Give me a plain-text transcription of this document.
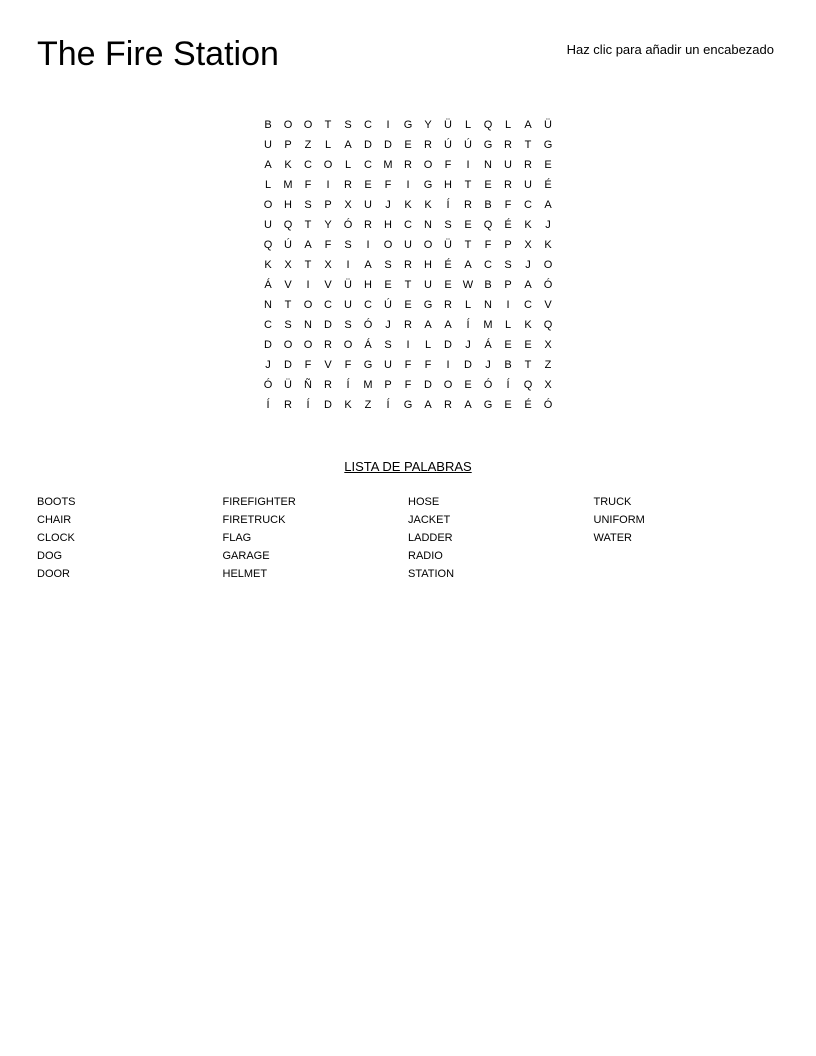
The Fire Station	Haz clic para añadir un encabezado
B	O	O	T	S	C	I	G	Y	Ü	L	Q	L	A	Ü
U	P	Z	L	A	D	D	E	R	Ú	Ú	G	R	T	G
A	K	C	O	L	C	M	R	O	F	I	N	U	R	E
L	M	F	I	R	E	F	I	G	H	T	E	R	U	É
O	H	S	P	X	U	J	K	K	Í	R	B	F	C	A
U	Q	T	Y	Ó	R	H	C	N	S	E	Q	É	K	J
Q	Ú	A	F	S	I	O	U	O	Ü	T	F	P	X	K
K	X	T	X	I	A	S	R	H	É	A	C	S	J	O
Á	V	I	V	Ü	H	E	T	U	E	W	B	P	A	Ó
N	T	O	C	U	C	Ú	E	G	R	L	N	I	C	V
C	S	N	D	S	Ó	J	R	A	A	Í	M	L	K	Q
D	O	O	R	O	Á	S	I	L	D	J	Á	E	E	X
J	D	F	V	F	G	U	F	F	I	D	J	B	T	Z
Ó	Ü	Ñ	R	Í	M	P	F	D	O	E	Ó	Í	Q	X
Í	R	Í	D	K	Z	Í	G	A	R	A	G	E	É	Ó
LISTA DE PALABRAS
BOOTS
CHAIR
CLOCK
DOG
DOOR
FIREFIGHTER
FIRETRUCK
FLAG
GARAGE
HELMET
HOSE
JACKET
LADDER
RADIO
STATION
TRUCK
UNIFORM
WATER
